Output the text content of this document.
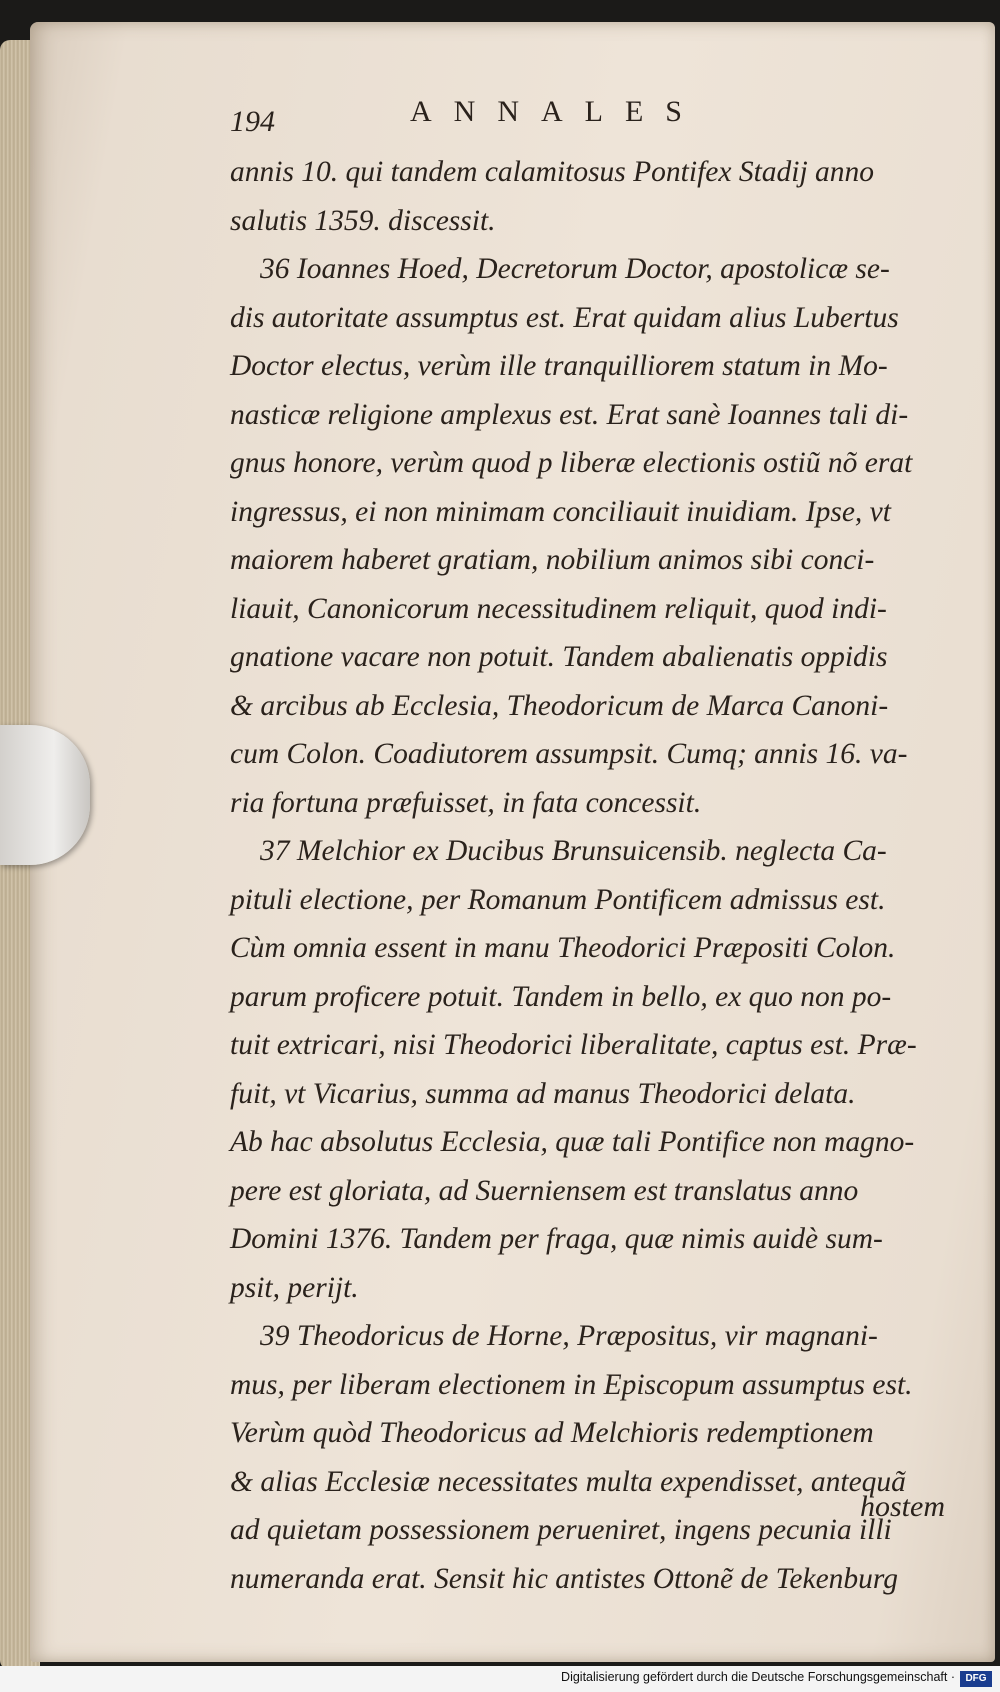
194	ANNALES
annis 10. qui tandem calamitosus Pontifex Stadij anno
salutis 1359. discessit.
36 Ioannes Hoed, Decretorum Doctor, apostolicæ se-
dis autoritate assumptus est. Erat quidam alius Lubertus
Doctor electus, verùm ille tranquilliorem statum in Mo-
nasticæ religione amplexus est. Erat sanè Ioannes tali di-
gnus honore, verùm quod p liberæ electionis ostiũ nõ erat
ingressus, ei non minimam conciliauit inuidiam. Ipse, vt
maiorem haberet gratiam, nobilium animos sibi conci-
liauit, Canonicorum necessitudinem reliquit, quod indi-
gnatione vacare non potuit. Tandem abalienatis oppidis
& arcibus ab Ecclesia, Theodoricum de Marca Canoni-
cum Colon. Coadiutorem assumpsit. Cumq; annis 16. va-
ria fortuna præfuisset, in fata concessit.
37 Melchior ex Ducibus Brunsuicensib. neglecta Ca-
pituli electione, per Romanum Pontificem admissus est.
Cùm omnia essent in manu Theodorici Præpositi Colon.
parum proficere potuit. Tandem in bello, ex quo non po-
tuit extricari, nisi Theodorici liberalitate, captus est. Præ-
fuit, vt Vicarius, summa ad manus Theodorici delata.
Ab hac absolutus Ecclesia, quæ tali Pontifice non magno-
pere est gloriata, ad Suerniensem est translatus anno
Domini 1376. Tandem per fraga, quæ nimis auidè sum-
psit, periјt.
39 Theodoricus de Horne, Præpositus, vir magnani-
mus, per liberam electionem in Episcopum assumptus est.
Verùm quòd Theodoricus ad Melchioris redemptionem
& alias Ecclesiæ necessitates multa expendisset, antequã
ad quietam possessionem perueniret, ingens pecunia illi
numeranda erat. Sensit hic antistes Ottonẽ de Tekenburg
hostem
Digitalisierung gefördert durch die Deutsche Forschungsgemeinschaft ·	DFG
